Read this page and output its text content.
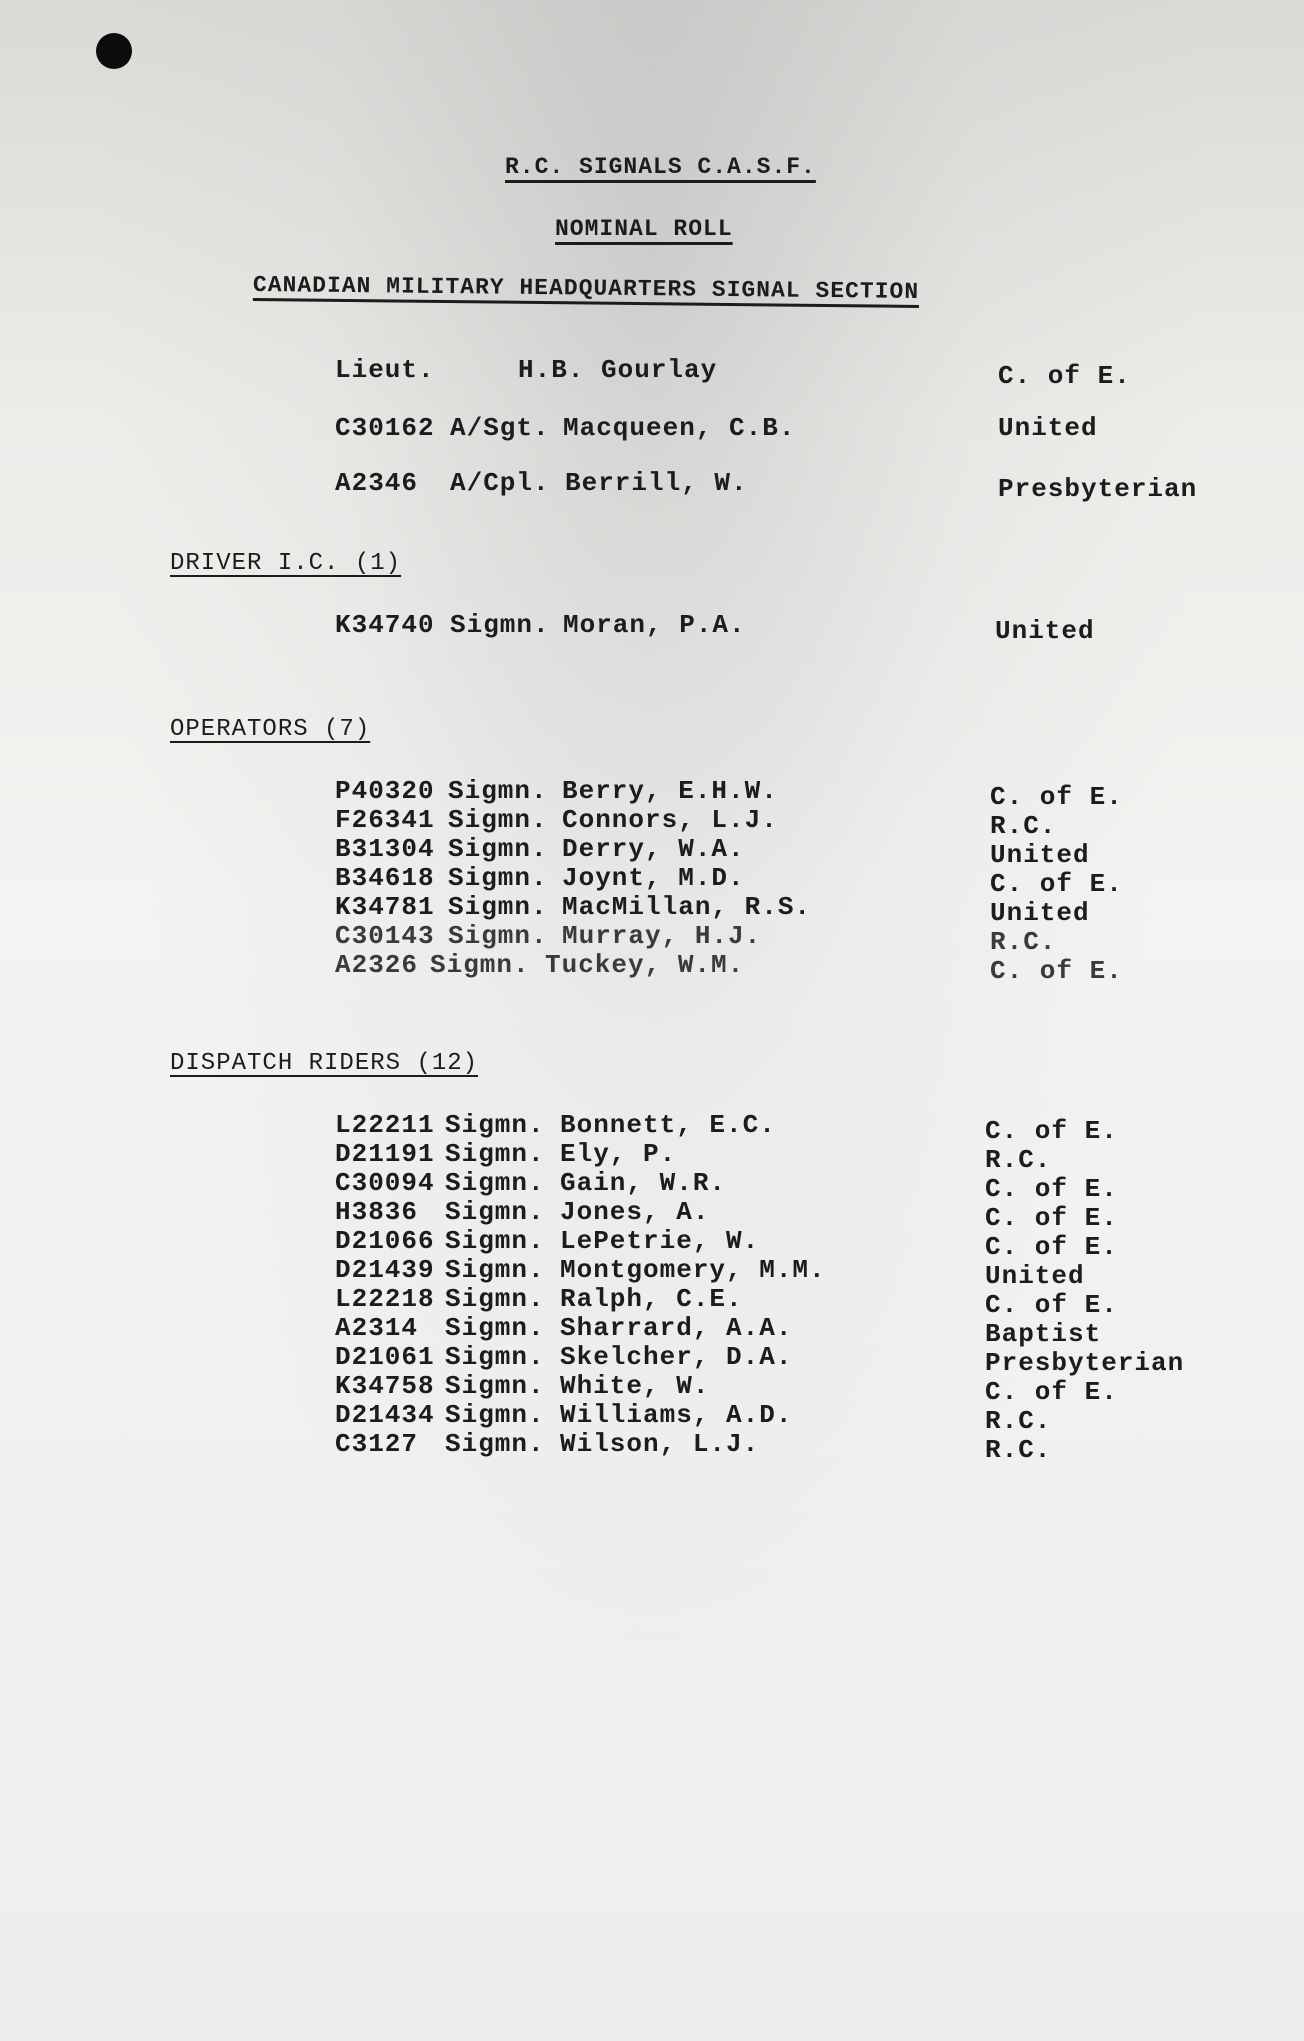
R.C. SIGNALS C.A.S.F.
NOMINAL ROLL
CANADIAN MILITARY HEADQUARTERS SIGNAL SECTION
Lieut.	H.B. Gourlay	C. of E.
C30162 A/Sgt. Macqueen, C.B.	United
A2346 A/Cpl. Berrill, W.	Presbyterian
DRIVER I.C. (1)
K34740 Sigmn. Moran, P.A.	United
OPERATORS (7)
P40320 Sigmn. Berry, E.H.W.	C. of E.
F26341 Sigmn. Connors, L.J.	R.C.
B31304 Sigmn. Derry, W.A.	United
B34618 Sigmn. Joynt, M.D.	C. of E.
K34781 Sigmn. MacMillan, R.S.	United
C30143 Sigmn. Murray, H.J.	R.C.
A2326 Sigmn. Tuckey, W.M.	C. of E.
DISPATCH RIDERS (12)
L22211 Sigmn. Bonnett, E.C.	C. of E.
D21191 Sigmn. Ely, P.	R.C.
C30094 Sigmn. Gain, W.R.	C. of E.
H3836 Sigmn. Jones, A.	C. of E.
D21066 Sigmn. LePetrie, W.	C. of E.
D21439 Sigmn. Montgomery, M.M.	United
L22218 Sigmn. Ralph, C.E.	C. of E.
A2314 Sigmn. Sharrard, A.A.	Baptist
D21061 Sigmn. Skelcher, D.A.	Presbyterian
K34758 Sigmn. White, W.	C. of E.
D21434 Sigmn. Williams, A.D.	R.C.
C3127 Sigmn. Wilson, L.J.	R.C.
